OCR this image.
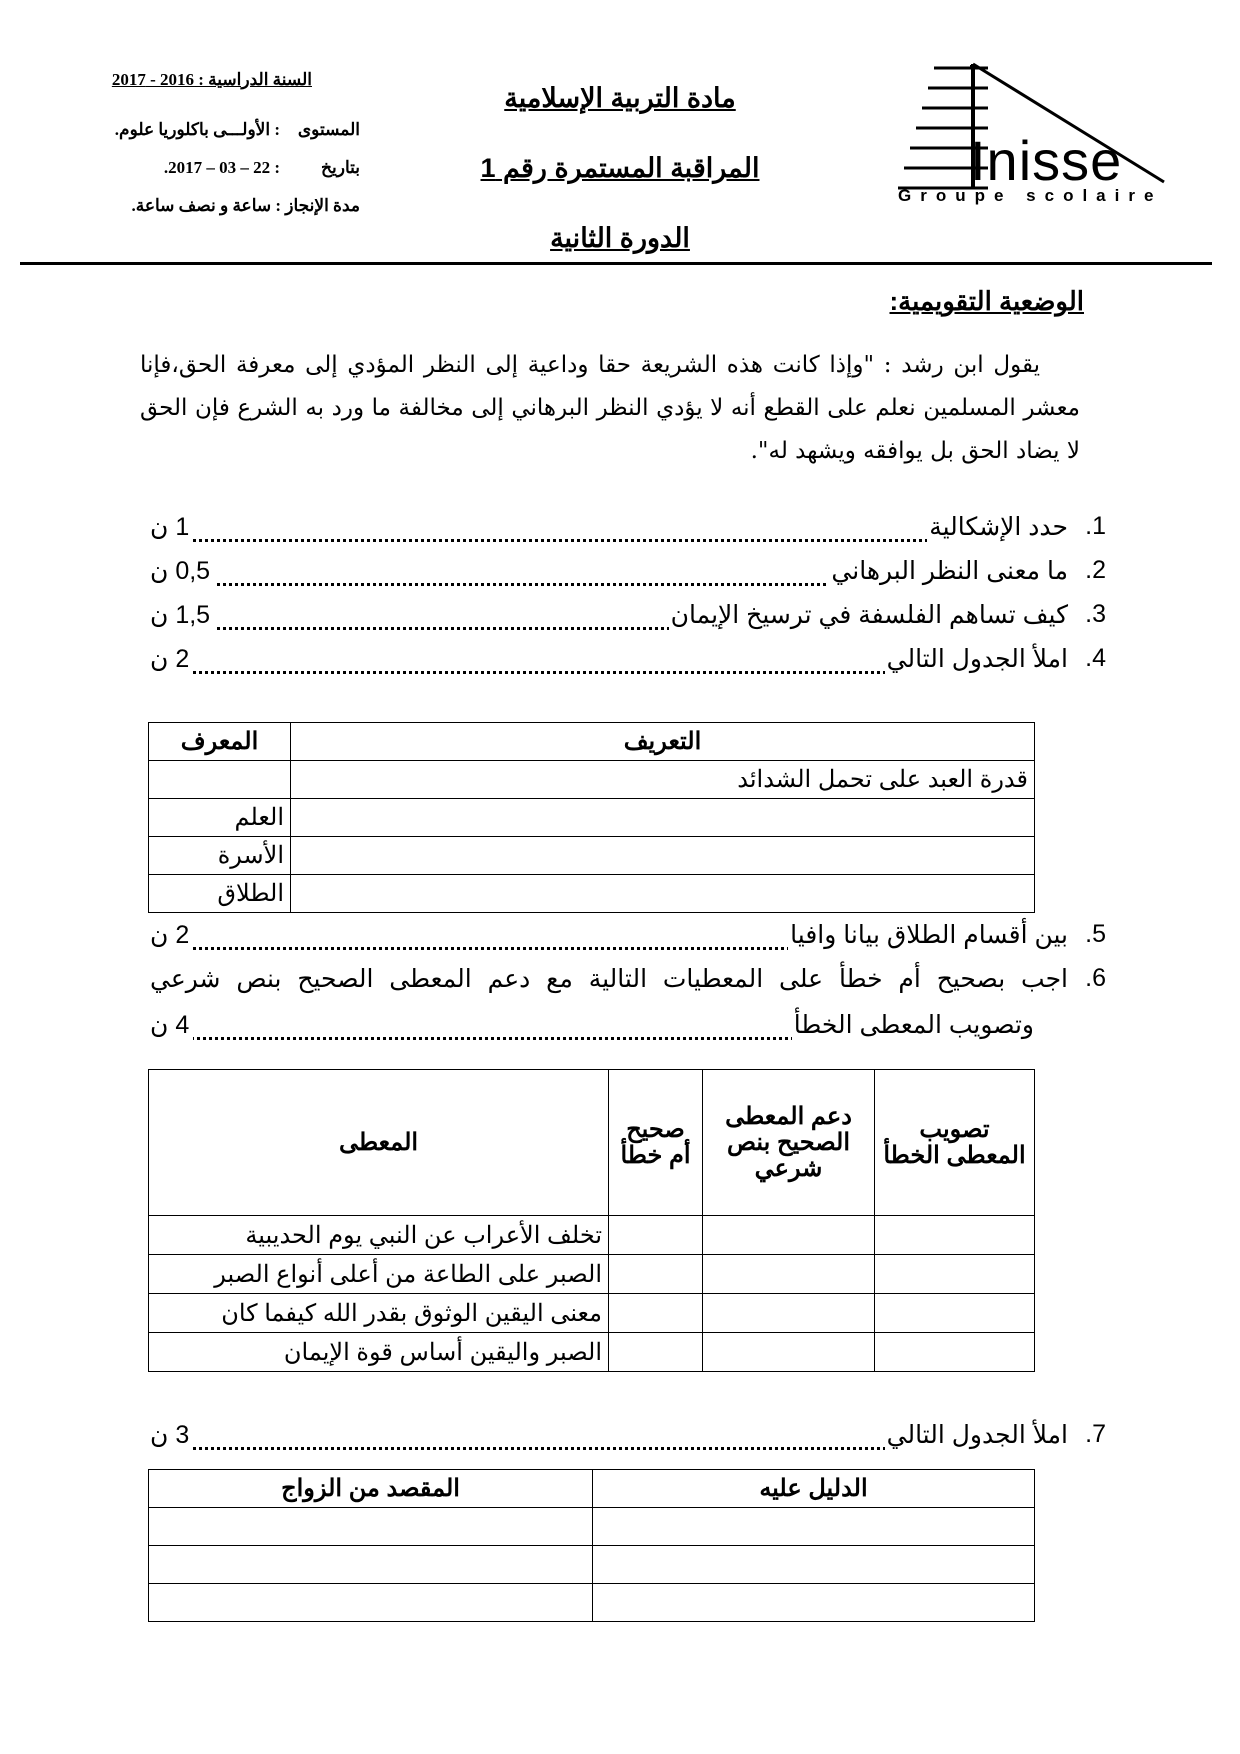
السنة الدراسية : 2016 - 2017
المستوى
: الأولـــى باكلوريا علوم.
بتاريخ
: 22 – 03 – 2017.
مدة الإنجاز : ساعة و نصف ساعة.
مادة التربية الإسلامية
المراقبة المستمرة رقم 1
الدورة الثانية
Inisse
Groupe scolaire
الوضعية التقويمية:
يقول ابن رشد : "وإذا كانت هذه الشريعة حقا وداعية إلى النظر المؤدي إلى معرفة الحق،فإنا معشر المسلمين نعلم على القطع أنه لا يؤدي النظر البرهاني إلى مخالفة ما ورد به الشرع فإن الحق لا يضاد الحق بل يوافقه ويشهد له".
.1
حدد الإشكالية
1 ن
.2
ما معنى النظر البرهاني
0,5 ن
.3
كيف تساهم الفلسفة في ترسيخ الإيمان
1,5 ن
.4
املأ الجدول التالي
2 ن
المعرف	التعريف
	قدرة العبد على تحمل الشدائد
العلم	
الأسرة	
الطلاق	
.5
بين أقسام الطلاق بيانا وافيا
2 ن
.6
اجب بصحيح أم خطأ على المعطيات التالية مع دعم المعطى الصحيح بنص شرعي
وتصويب المعطى الخطأ
4 ن
المعطى	صحيح أم خطأ	دعم المعطى الصحيح بنص شرعي	تصويب المعطى الخطأ
تخلف الأعراب عن النبي يوم الحديبية			
الصبر على الطاعة من أعلى أنواع الصبر			
معنى اليقين الوثوق بقدر الله كيفما كان			
الصبر واليقين أساس قوة الإيمان			
.7
املأ الجدول التالي
3 ن
المقصد من الزواج	الدليل عليه
